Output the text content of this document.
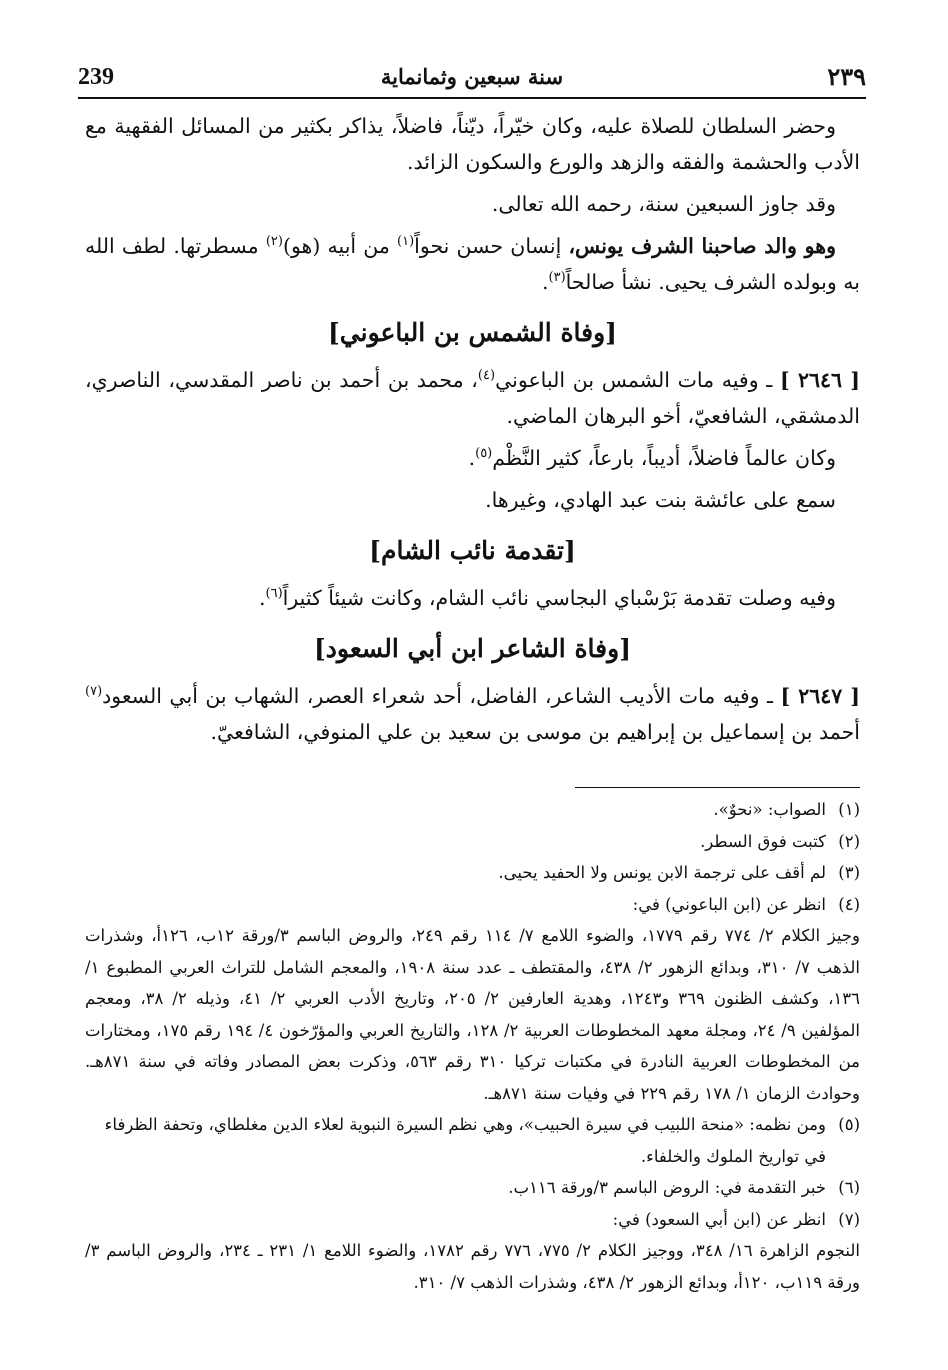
239	سنة سبعين وثمانماية	٢٣٩

وحضر السلطان للصلاة عليه، وكان خيّراً، ديّناً، فاضلاً، يذاكر بكثير من المسائل الفقهية مع الأدب والحشمة والفقه والزهد والورع والسكون الزائد.

وقد جاوز السبعين سنة، رحمه الله تعالى.

وهو والد صاحبنا الشرف يونس، إنسان حسن نحواً$^{(١)}$ من أبيه (هو)$^{(٢)}$ مسطرتها. لطف الله به وبولده الشرف يحيى. نشأ صالحاً$^{(٣)}$.

[وفاة الشمس بن الباعوني]

[ ٢٦٤٦ ] ـ وفيه مات الشمس بن الباعوني$^{(٤)}$، محمد بن أحمد بن ناصر المقدسي، الناصري، الدمشقي، الشافعيّ، أخو البرهان الماضي.

وكان عالماً فاضلاً، أديباً، بارعاً، كثير النَّظْم$^{(٥)}$.

سمع على عائشة بنت عبد الهادي، وغيرها.

[تقدمة نائب الشام]

وفيه وصلت تقدمة بَرْسْباي البجاسي نائب الشام، وكانت شيئاً كثيراً$^{(٦)}$.

[وفاة الشاعر ابن أبي السعود]

[ ٢٦٤٧ ] ـ وفيه مات الأديب الشاعر، الفاضل، أحد شعراء العصر، الشهاب بن أبي السعود$^{(٧)}$ أحمد بن إسماعيل بن إبراهيم بن موسى بن سعيد بن علي المنوفي، الشافعيّ.

(١)
الصواب: «نحوٌ».
(٢)
كتبت فوق السطر.
(٣)
لم أقف على ترجمة الابن يونس ولا الحفيد يحيى.
(٤)
انظر عن (ابن الباعوني) في:
وجيز الكلام ٢/ ٧٧٤ رقم ١٧٧٩، والضوء اللامع ٧/ ١١٤ رقم ٢٤٩، والروض الباسم ٣/ورقة ١٢ب، ١٢٦أ، وشذرات الذهب ٧/ ٣١٠، وبدائع الزهور ٢/ ٤٣٨، والمقتطف ـ عدد سنة ١٩٠٨، والمعجم الشامل للتراث العربي المطبوع ١/ ١٣٦، وكشف الظنون ٣٦٩ و١٢٤٣، وهدية العارفين ٢/ ٢٠٥، وتاريخ الأدب العربي ٢/ ٤١، وذيله ٢/ ٣٨، ومعجم المؤلفين ٩/ ٢٤، ومجلة معهد المخطوطات العربية ٢/ ١٢٨، والتاريخ العربي والمؤرّخون ٤/ ١٩٤ رقم ١٧٥، ومختارات من المخطوطات العربية النادرة في مكتبات تركيا ٣١٠ رقم ٥٦٣، وذكرت بعض المصادر وفاته في سنة ٨٧١هـ. وحوادث الزمان ١/ ١٧٨ رقم ٢٢٩ في وفيات سنة ٨٧١هـ.
(٥)
ومن نظمه: «منحة اللبيب في سيرة الحبيب»، وهي نظم السيرة النبوية لعلاء الدين مغلطاي، وتحفة الظرفاء في تواريخ الملوك والخلفاء.
(٦)
خبر التقدمة في: الروض الباسم ٣/ورقة ١١٦ب.
(٧)
انظر عن (ابن أبي السعود) في:
النجوم الزاهرة ١٦/ ٣٤٨، ووجيز الكلام ٢/ ٧٧٥، ٧٧٦ رقم ١٧٨٢، والضوء اللامع ١/ ٢٣١ ـ ٢٣٤، والروض الباسم ٣/ورقة ١١٩ب، ١٢٠أ، وبدائع الزهور ٢/ ٤٣٨، وشذرات الذهب ٧/ ٣١٠.
